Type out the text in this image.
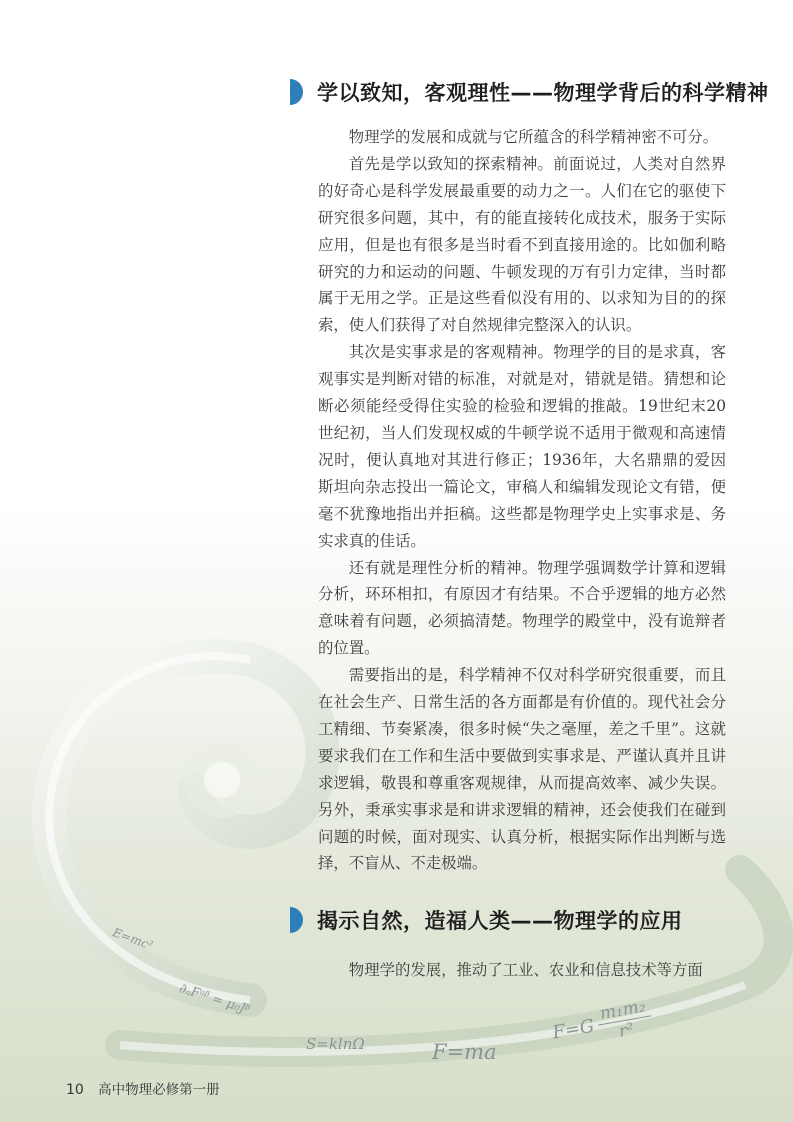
学以致知，客观理性——物理学背后的科学精神

物理学的发展和成就与它所蕴含的科学精神密不可分。

首先是学以致知的探索精神。前面说过，人类对自然界的好奇心是科学发展最重要的动力之一。人们在它的驱使下研究很多问题，其中，有的能直接转化成技术，服务于实际应用，但是也有很多是当时看不到直接用途的。比如伽利略研究的力和运动的问题、牛顿发现的万有引力定律，当时都属于无用之学。正是这些看似没有用的、以求知为目的的探索，使人们获得了对自然规律完整深入的认识。

其次是实事求是的客观精神。物理学的目的是求真，客观事实是判断对错的标准，对就是对，错就是错。猜想和论断必须能经受得住实验的检验和逻辑的推敲。19世纪末20世纪初，当人们发现权威的牛顿学说不适用于微观和高速情况时，便认真地对其进行修正；1936年，大名鼎鼎的爱因斯坦向杂志投出一篇论文，审稿人和编辑发现论文有错，便毫不犹豫地指出并拒稿。这些都是物理学史上实事求是、务实求真的佳话。

还有就是理性分析的精神。物理学强调数学计算和逻辑分析，环环相扣，有原因才有结果。不合乎逻辑的地方必然意味着有问题，必须搞清楚。物理学的殿堂中，没有诡辩者的位置。

需要指出的是，科学精神不仅对科学研究很重要，而且在社会生产、日常生活的各方面都是有价值的。现代社会分工精细、节奏紧凑，很多时候“失之毫厘，差之千里”。这就要求我们在工作和生活中要做到实事求是、严谨认真并且讲求逻辑，敬畏和尊重客观规律，从而提高效率、减少失误。另外，秉承实事求是和讲求逻辑的精神，还会使我们在碰到问题的时候，面对现实、认真分析，根据实际作出判断与选择，不盲从、不走极端。

揭示自然，造福人类——物理学的应用

物理学的发展，推动了工业、农业和信息技术等方面

E=mc²
∂ₐFᵃᵝ = μ₀Jᵝ
S=klnΩ	F=ma
F=G
m₁m₂
r²
10 高中物理必修第一册
